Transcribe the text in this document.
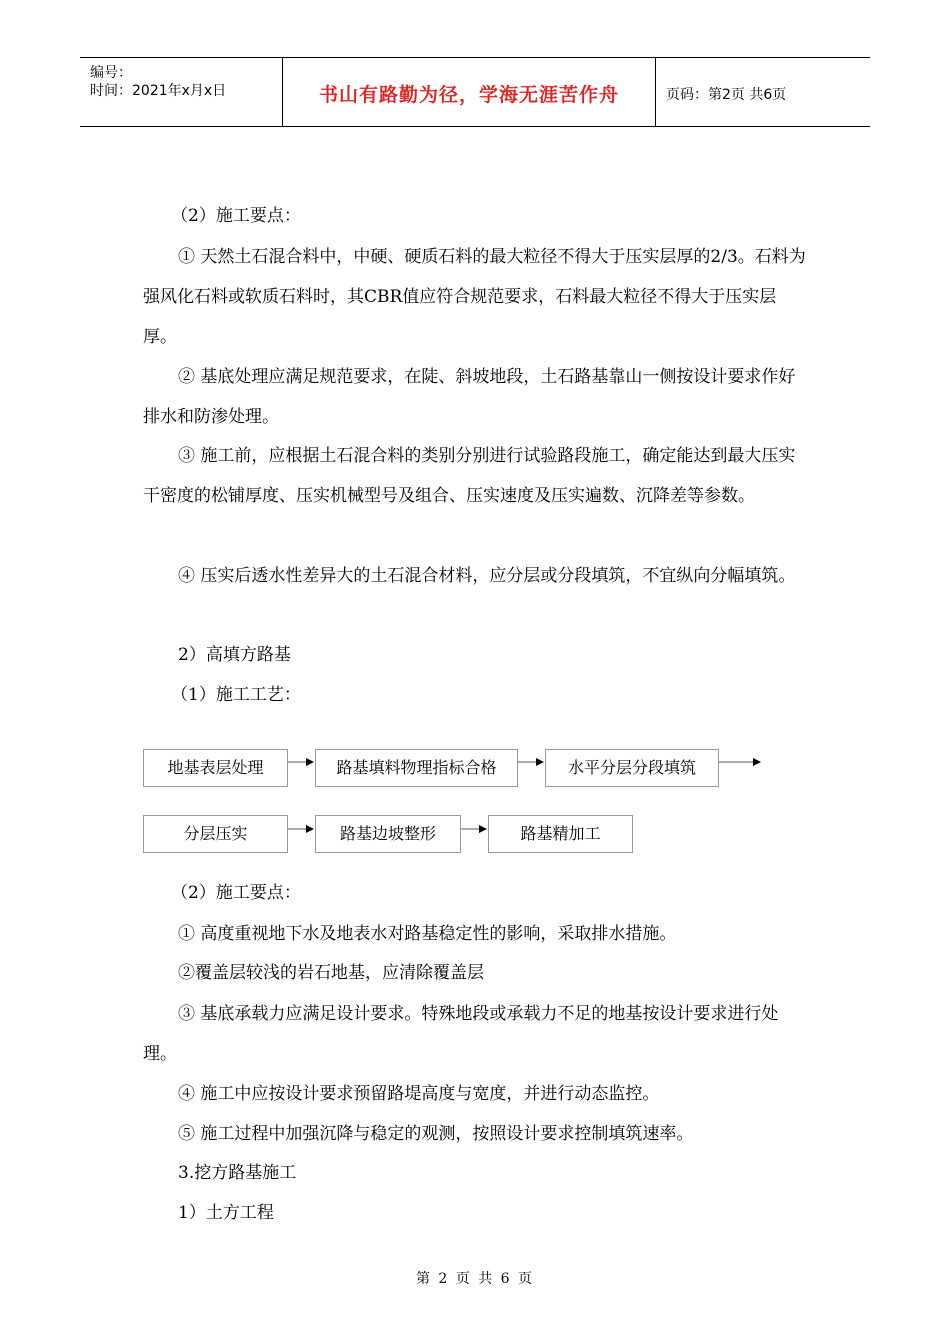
编号：
时间：2021年x月x日	书山有路勤为径，学海无涯苦作舟	页码：第2页 共6页

（2）施工要点：

① 天然土石混合料中，中硬、硬质石料的最大粒径不得大于压实层厚的2/3。石料为强风化石料或软质石料时，其CBR值应符合规范要求，石料最大粒径不得大于压实层厚。

② 基底处理应满足规范要求，在陡、斜坡地段，土石路基靠山一侧按设计要求作好排水和防渗处理。

③ 施工前，应根据土石混合料的类别分别进行试验路段施工，确定能达到最大压实干密度的松铺厚度、压实机械型号及组合、压实速度及压实遍数、沉降差等参数。

④ 压实后透水性差异大的土石混合材料，应分层或分段填筑，不宜纵向分幅填筑。

2）高填方路基

（1）施工工艺：

地基表层处理	路基填料物理指标合格	水平分层分段填筑
分层压实	路基边坡整形	路基精加工

（2）施工要点：

① 高度重视地下水及地表水对路基稳定性的影响，采取排水措施。

②覆盖层较浅的岩石地基，应清除覆盖层

③ 基底承载力应满足设计要求。特殊地段或承载力不足的地基按设计要求进行处理。

④ 施工中应按设计要求预留路堤高度与宽度，并进行动态监控。

⑤ 施工过程中加强沉降与稳定的观测，按照设计要求控制填筑速率。

3.挖方路基施工

1）土方工程

第 2 页 共 6 页
